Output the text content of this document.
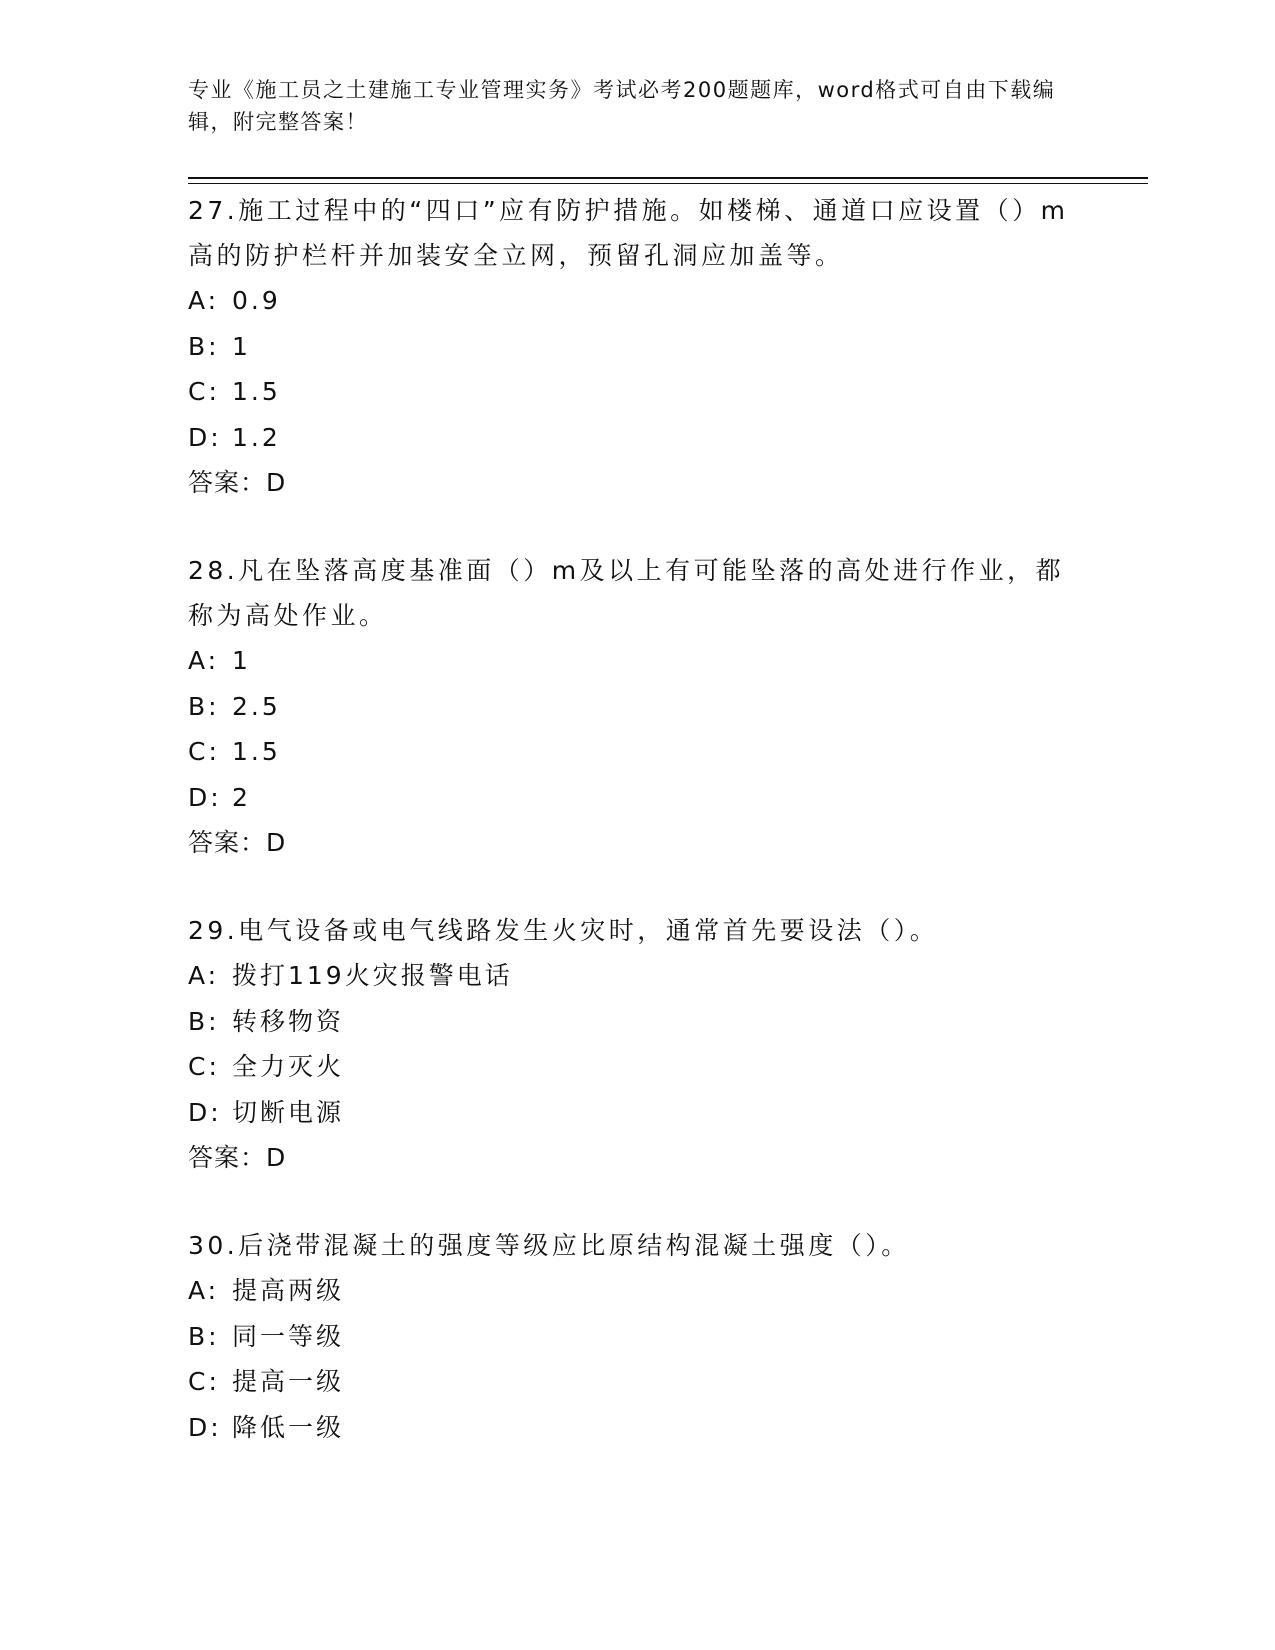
专业《施工员之土建施工专业管理实务》考试必考200题题库，word格式可自由下载编辑，附完整答案！
27.施工过程中的“四口”应有防护措施。如楼梯、通道口应设置（）m高的防护栏杆并加装安全立网，预留孔洞应加盖等。
A: 0.9
B: 1
C: 1.5
D: 1.2
答案：D
28.凡在坠落高度基准面（）m及以上有可能坠落的高处进行作业，都称为高处作业。
A: 1
B: 2.5
C: 1.5
D: 2
答案：D
29.电气设备或电气线路发生火灾时，通常首先要设法（）。
A: 拨打119火灾报警电话
B: 转移物资
C: 全力灭火
D: 切断电源
答案：D
30.后浇带混凝土的强度等级应比原结构混凝土强度（）。
A: 提高两级
B: 同一等级
C: 提高一级
D: 降低一级
